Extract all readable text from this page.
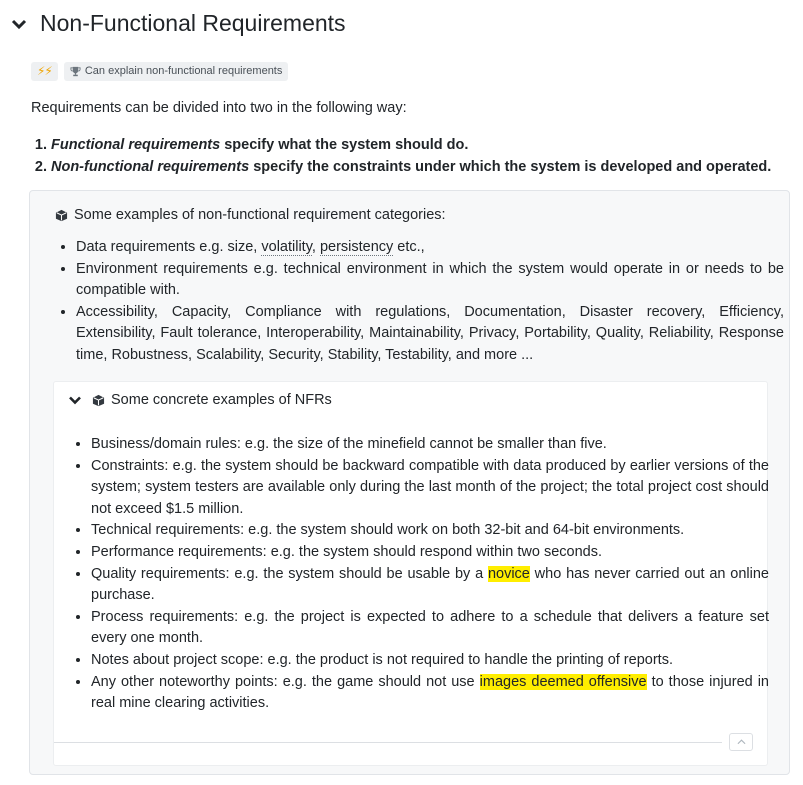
Non-Functional Requirements
⚡⚡	Can explain non-functional requirements
Requirements can be divided into two in the following way:
1. Functional requirements specify what the system should do.
2. Non-functional requirements specify the constraints under which the system is developed and operated.
Some examples of non-functional requirement categories:
• Data requirements e.g. size, volatility, persistency etc.,
• Environment requirements e.g. technical environment in which the system would operate in or needs to be compatible with.
• Accessibility, Capacity, Compliance with regulations, Documentation, Disaster recovery, Efficiency, Extensibility, Fault tolerance, Interoperability, Maintainability, Privacy, Portability, Quality, Reliability, Response time, Robustness, Scalability, Security, Stability, Testability, and more ...
Some concrete examples of NFRs
• Business/domain rules: e.g. the size of the minefield cannot be smaller than five.
• Constraints: e.g. the system should be backward compatible with data produced by earlier versions of the system; system testers are available only during the last month of the project; the total project cost should not exceed $1.5 million.
• Technical requirements: e.g. the system should work on both 32-bit and 64-bit environments.
• Performance requirements: e.g. the system should respond within two seconds.
• Quality requirements: e.g. the system should be usable by a novice who has never carried out an online purchase.
• Process requirements: e.g. the project is expected to adhere to a schedule that delivers a feature set every one month.
• Notes about project scope: e.g. the product is not required to handle the printing of reports.
• Any other noteworthy points: e.g. the game should not use images deemed offensive to those injured in real mine clearing activities.
